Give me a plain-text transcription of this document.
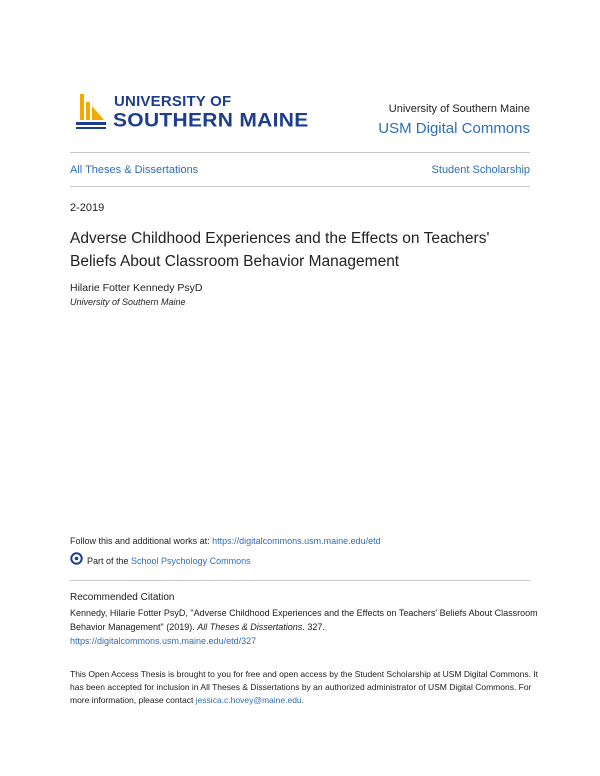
UNIVERSITY OF
SOUTHERN MAINE
University of Southern Maine
USM Digital Commons
All Theses & Dissertations	Student Scholarship
2-2019
Adverse Childhood Experiences and the Effects on Teachers' Beliefs About Classroom Behavior Management
Hilarie Fotter Kennedy PsyD
University of Southern Maine
Follow this and additional works at: https://digitalcommons.usm.maine.edu/etd
Part of the School Psychology Commons
Recommended Citation
Kennedy, Hilarie Fotter PsyD, "Adverse Childhood Experiences and the Effects on Teachers' Beliefs About Classroom Behavior Management" (2019). All Theses & Dissertations. 327.
https://digitalcommons.usm.maine.edu/etd/327
This Open Access Thesis is brought to you for free and open access by the Student Scholarship at USM Digital Commons. It has been accepted for inclusion in All Theses & Dissertations by an authorized administrator of USM Digital Commons. For more information, please contact jessica.c.hovey@maine.edu.
